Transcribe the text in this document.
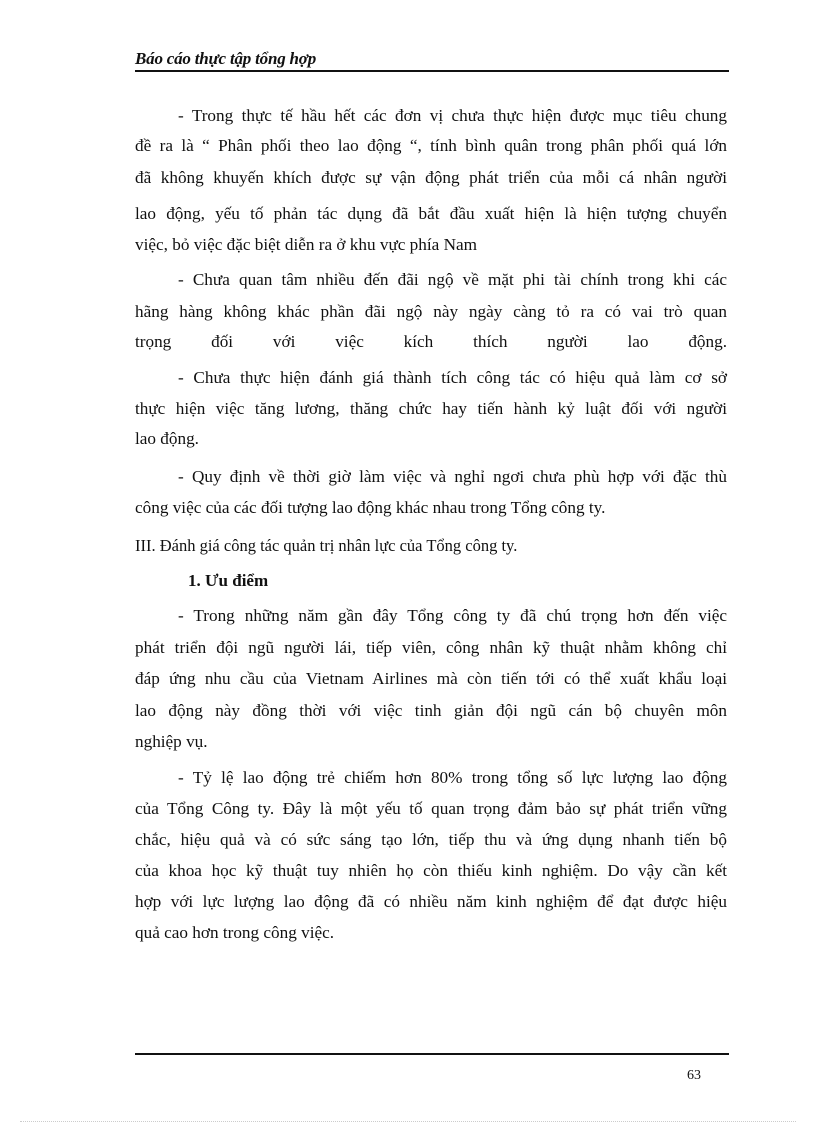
Báo cáo thực tập tổng hợp
- Trong thực tế hầu hết các đơn vị chưa thực hiện được mục tiêu chung
đề ra là “ Phân phối theo lao động “, tính bình quân trong phân phối quá lớn
đã không khuyến khích được sự vận động phát triển của mỗi cá nhân người
lao động, yếu tố phản tác dụng đã bắt đầu xuất hiện là hiện tượng chuyển
việc, bỏ việc đặc biệt diễn ra ở khu vực phía Nam
- Chưa quan tâm nhiều đến đãi ngộ về mặt phi tài chính trong khi các
hãng hàng không khác phần đãi ngộ này ngày càng tỏ ra có vai trò quan
trọng đối với việc kích thích người lao động.
- Chưa thực hiện đánh giá thành tích công tác có hiệu quả làm cơ sở
thực hiện việc tăng lương, thăng chức hay tiến hành kỷ luật đối với người
lao động.
- Quy định về thời giờ làm việc và nghỉ ngơi chưa phù hợp với đặc thù
công việc của các đối tượng lao động khác nhau trong Tổng công ty.
III. Đánh giá công tác quản trị nhân lực của Tổng công ty.
1. Ưu điểm
- Trong những năm gần đây Tổng công ty đã chú trọng hơn đến việc
phát triển đội ngũ người lái, tiếp viên, công nhân kỹ thuật nhằm không chỉ
đáp ứng nhu cầu của Vietnam Airlines mà còn tiến tới có thể xuất khẩu loại
lao động này đồng thời với việc tinh giản đội ngũ cán bộ chuyên môn
nghiệp vụ.
- Tỷ lệ lao động trẻ chiếm hơn 80% trong tổng số lực lượng lao động
của Tổng Công ty. Đây là một yếu tố quan trọng đảm bảo sự phát triển vững
chắc, hiệu quả và có sức sáng tạo lớn, tiếp thu và ứng dụng nhanh tiến bộ
của khoa học kỹ thuật tuy nhiên họ còn thiếu kinh nghiệm. Do vậy cần kết
hợp với lực lượng lao động đã có nhiều năm kinh nghiệm để đạt được hiệu
quả cao hơn trong công việc.
63
